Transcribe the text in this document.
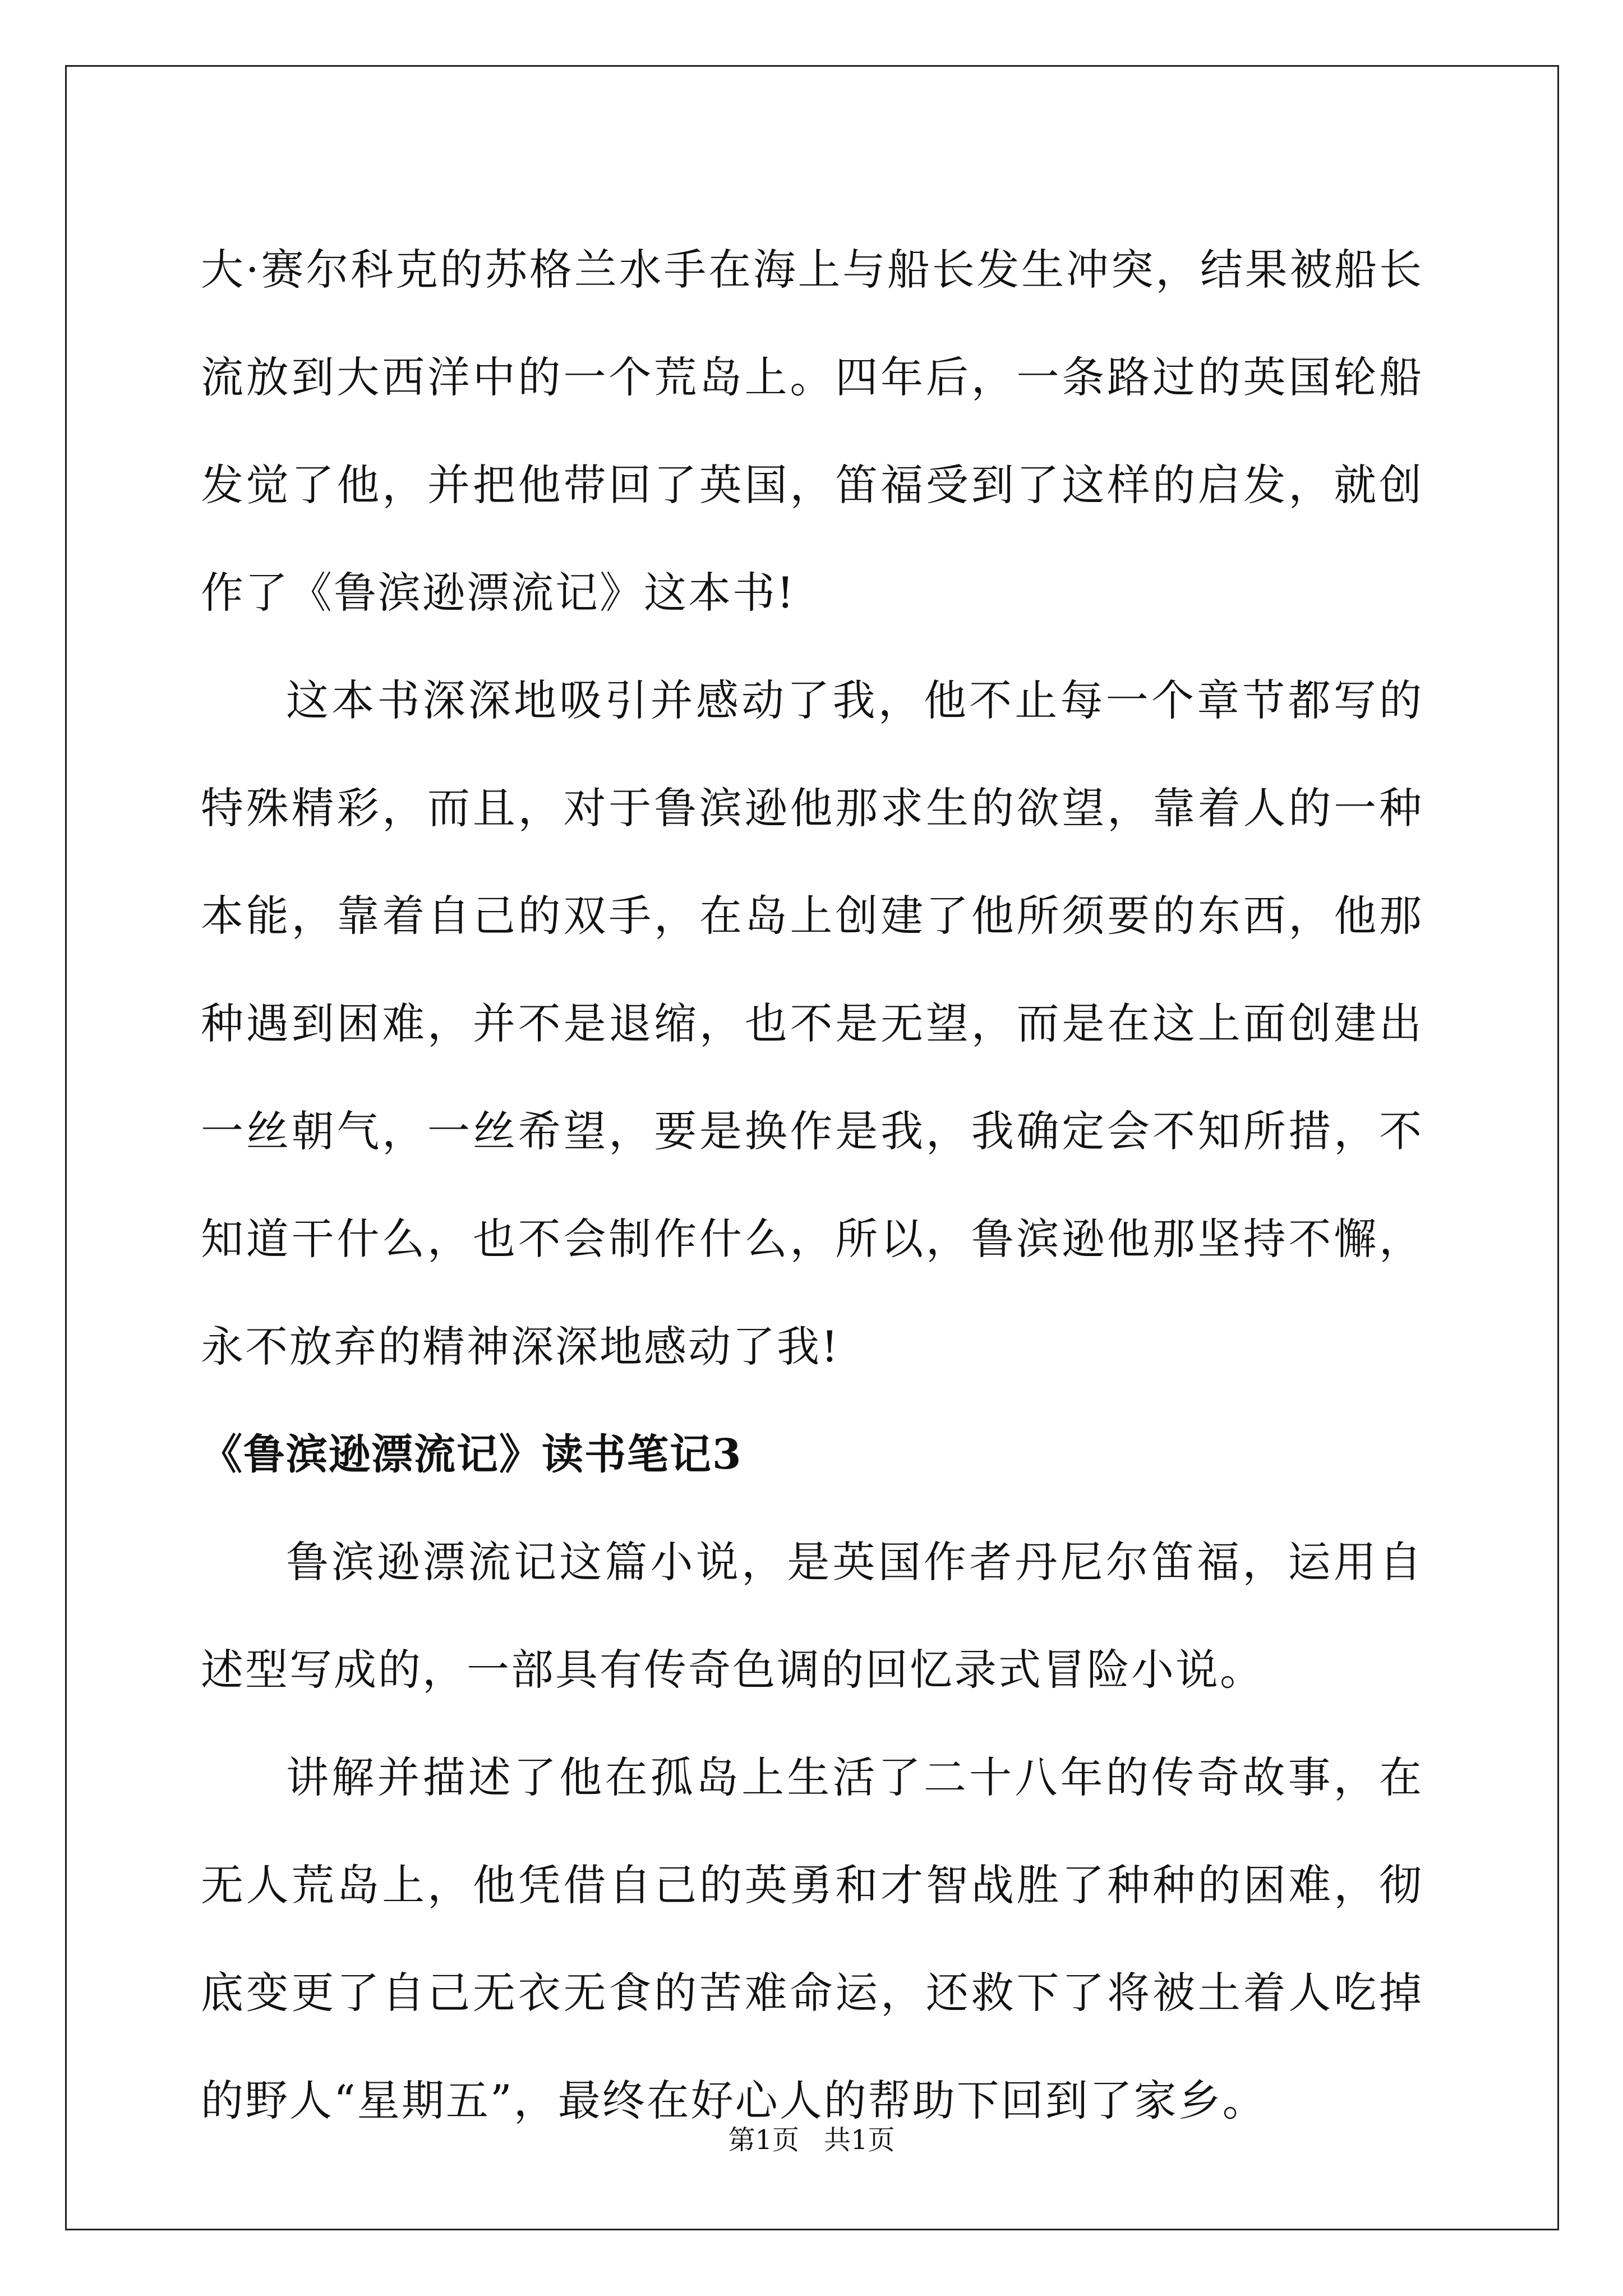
大·赛尔科克的苏格兰水手在海上与船长发生冲突，结果被船长流放到大西洋中的一个荒岛上。四年后，一条路过的英国轮船发觉了他，并把他带回了英国，笛福受到了这样的启发，就创作了《鲁滨逊漂流记》这本书!

这本书深深地吸引并感动了我，他不止每一个章节都写的特殊精彩，而且，对于鲁滨逊他那求生的欲望，靠着人的一种本能，靠着自己的双手，在岛上创建了他所须要的东西，他那种遇到困难，并不是退缩，也不是无望，而是在这上面创建出一丝朝气，一丝希望，要是换作是我，我确定会不知所措，不知道干什么，也不会制作什么，所以，鲁滨逊他那坚持不懈，永不放弃的精神深深地感动了我!

《鲁滨逊漂流记》读书笔记3

鲁滨逊漂流记这篇小说，是英国作者丹尼尔笛福，运用自述型写成的，一部具有传奇色调的回忆录式冒险小说。

讲解并描述了他在孤岛上生活了二十八年的传奇故事，在无人荒岛上，他凭借自己的英勇和才智战胜了种种的困难，彻底变更了自己无衣无食的苦难命运，还救下了将被土着人吃掉的野人“星期五”，最终在好心人的帮助下回到了家乡。

第1页 共1页
